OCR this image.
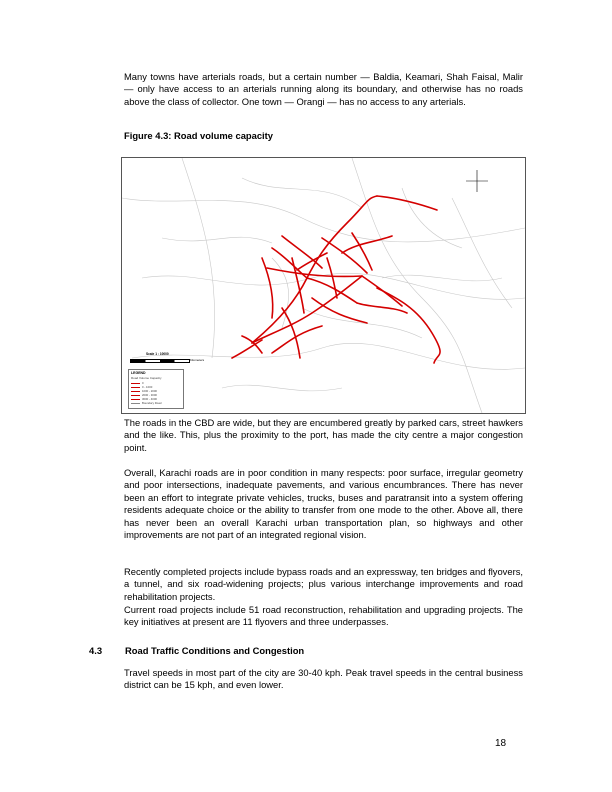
Many towns have arterials roads, but a certain number — Baldia, Keamari, Shah Faisal, Malir — only have access to an arterials running along its boundary, and otherwise has no roads above the class of collector. One town — Orangi — has no access to any arterials.

Figure 4.3: Road volume capacity

Scale 1 : 10000
Kilometers
LEGEND
Road Volume Capacity
0
0 - 1000
1000 - 2000
2000 - 3000
3000 - 4000
Boundary Road

The roads in the CBD are wide, but they are encumbered greatly by parked cars, street hawkers and the like. This, plus the proximity to the port, has made the city centre a major congestion point.

Overall, Karachi roads are in poor condition in many respects: poor surface, irregular geometry and poor intersections, inadequate pavements, and various encumbrances. There has never been an effort to integrate private vehicles, trucks, buses and paratransit into a system offering residents adequate choice or the ability to transfer from one mode to the other. Above all, there has never been an overall Karachi urban transportation plan, so highways and other improvements are not part of an integrated regional vision.

Recently completed projects include bypass roads and an expressway, ten bridges and flyovers, a tunnel, and six road-widening projects; plus various interchange improvements and road rehabilitation projects.

Current road projects include 51 road reconstruction, rehabilitation and upgrading projects. The key initiatives at present are 11 flyovers and three underpasses.

4.3 Road Traffic Conditions and Congestion

Travel speeds in most part of the city are 30-40 kph. Peak travel speeds in the central business district can be 15 kph, and even lower.

18
